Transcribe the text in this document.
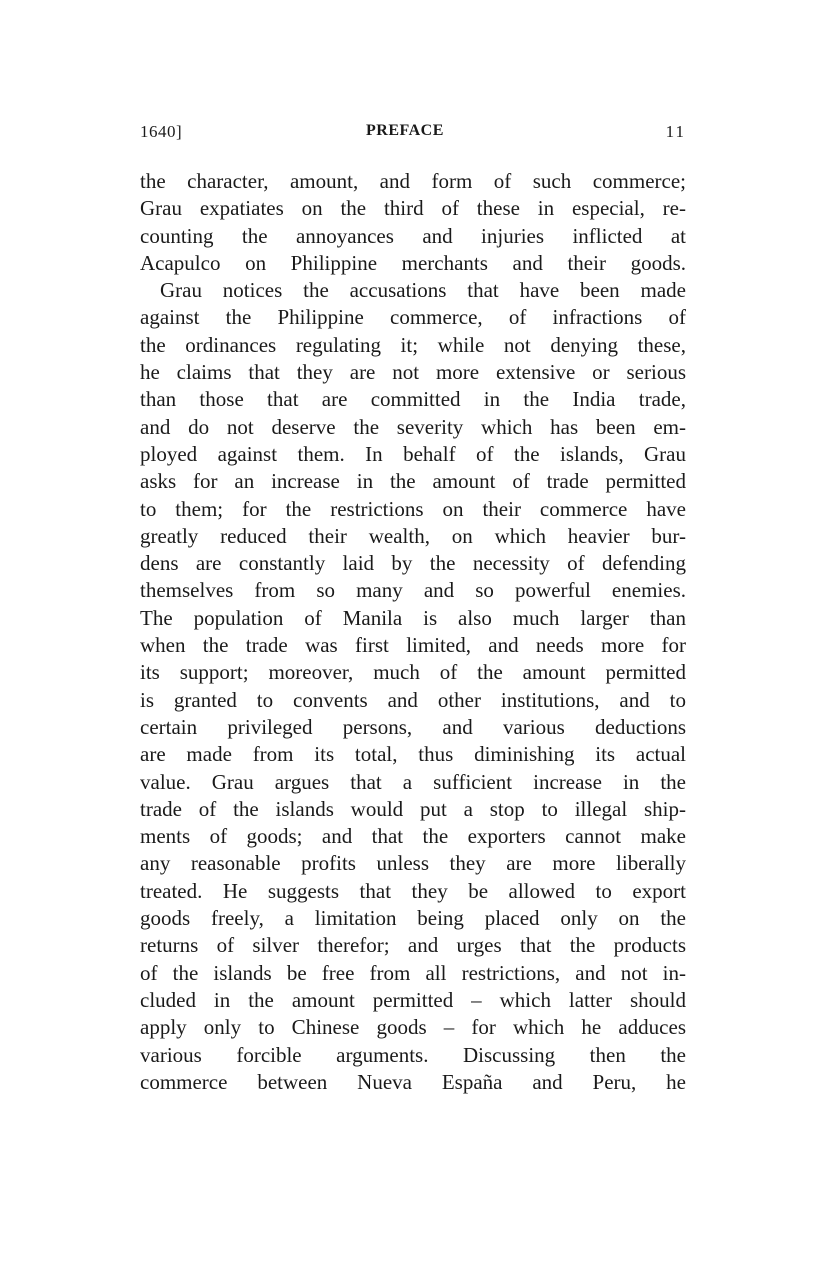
1640]	PREFACE	11
the character, amount, and form of such commerce;
Grau expatiates on the third of these in especial, re-
counting the annoyances and injuries inflicted at
Acapulco on Philippine merchants and their goods.
Grau notices the accusations that have been made
against the Philippine commerce, of infractions of
the ordinances regulating it; while not denying these,
he claims that they are not more extensive or serious
than those that are committed in the India trade,
and do not deserve the severity which has been em-
ployed against them. In behalf of the islands, Grau
asks for an increase in the amount of trade permitted
to them; for the restrictions on their commerce have
greatly reduced their wealth, on which heavier bur-
dens are constantly laid by the necessity of defending
themselves from so many and so powerful enemies.
The population of Manila is also much larger than
when the trade was first limited, and needs more for
its support; moreover, much of the amount permitted
is granted to convents and other institutions, and to
certain privileged persons, and various deductions
are made from its total, thus diminishing its actual
value. Grau argues that a sufficient increase in the
trade of the islands would put a stop to illegal ship-
ments of goods; and that the exporters cannot make
any reasonable profits unless they are more liberally
treated. He suggests that they be allowed to export
goods freely, a limitation being placed only on the
returns of silver therefor; and urges that the products
of the islands be free from all restrictions, and not in-
cluded in the amount permitted – which latter should
apply only to Chinese goods – for which he adduces
various forcible arguments. Discussing then the
commerce between Nueva España and Peru, he
